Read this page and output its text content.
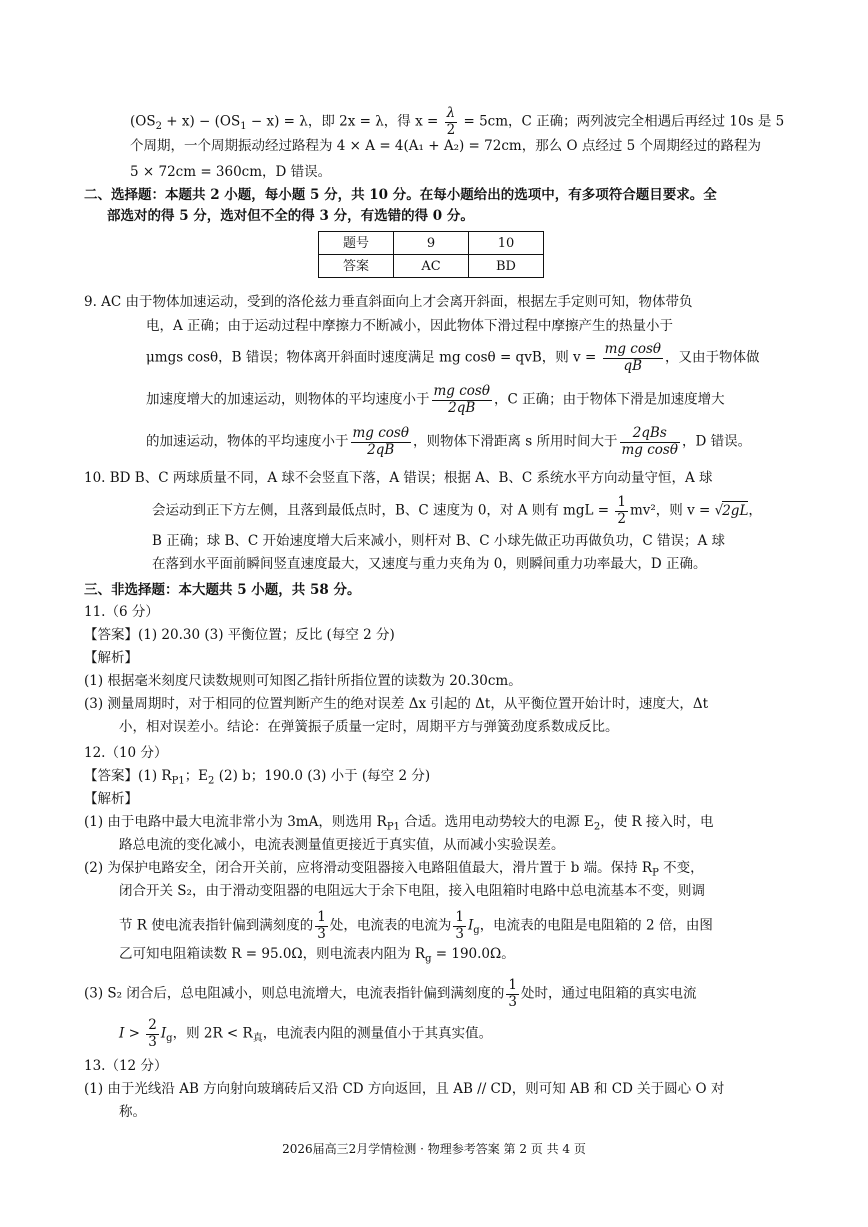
$(OS_2 + x) - (OS_1 - x) = \lambda$，即 2x = λ，得 $x = \frac{\lambda}{2} = 5cm$，C 正确；两列波完全相遇后再经过 10s 是 5
个周期，一个周期振动经过路程为 4 × A = 4(A₁ + A₂) = 72cm，那么 O 点经过 5 个周期经过的路程为
5 × 72cm = 360cm，D 错误。
二、选择题：本题共 2 小题，每小题 5 分，共 10 分。在每小题给出的选项中，有多项符合题目要求。全
部选对的得 5 分，选对但不全的得 3 分，有选错的得 0 分。
题号	9	10
答案	AC	BD
9. AC 由于物体加速运动，受到的洛伦兹力垂直斜面向上才会离开斜面，根据左手定则可知，物体带负
电，A 正确；由于运动过程中摩擦力不断减小，因此物体下滑过程中摩擦产生的热量小于
μmgs cosθ，B 错误；物体离开斜面时速度满足 mg cosθ = qvB，则 $v = \frac{\text{mg cosθ}}{qB}$ ，又由于物体做
加速度增大的加速运动，则物体的平均速度小于 $\frac{\text{mg cosθ}}{2qB}$ ，C 正确；由于物体下滑是加速度增大
的加速运动，物体的平均速度小于 $\frac{\text{mg cosθ}}{2qB}$ ，则物体下滑距离 s 所用时间大于 $\frac{\text{2qBs}}{\text{mg cosθ}}$ ，D 错误。
10. BD B、C 两球质量不同，A 球不会竖直下落，A 错误；根据 A、B、C 系统水平方向动量守恒，A 球
会运动到正下方左侧，且落到最低点时，B、C 速度为 0，对 A 则有 mgL = $\frac{1}{2} mv^2$，则 v = √2gL，
B 正确；球 B、C 开始速度增大后来减小，则杆对 B、C 小球先做正功再做负功，C 错误；A 球
在落到水平面前瞬间竖直速度最大，又速度与重力夹角为 0，则瞬间重力功率最大，D 正确。
三、非选择题：本大题共 5 小题，共 58 分。
11.（6 分）
【答案】(1) 20.30 (3) 平衡位置；反比 (每空 2 分)
【解析】
(1) 根据毫米刻度尺读数规则可知图乙指针所指位置的读数为 20.30cm。
(3) 测量周期时，对于相同的位置判断产生的绝对误差 Δx 引起的 Δt，从平衡位置开始计时，速度大，Δt
小，相对误差小。结论：在弹簧振子质量一定时，周期平方与弹簧劲度系数成反比。
12.（10 分）
【答案】(1) $R_{P1}$；$E_2$ (2) b；190.0 (3) 小于 (每空 2 分)
【解析】
(1) 由于电路中最大电流非常小为 3mA，则选用 $R_{P1}$ 合适。选用电动势较大的电源 $E_2$，使 R 接入时，电
路总电流的变化减小，电流表测量值更接近于真实值，从而减小实验误差。
(2) 为保护电路安全，闭合开关前，应将滑动变阻器接入电路阻值最大，滑片置于 b 端。保持 $R_P$ 不变，
闭合开关 S₂，由于滑动变阻器的电阻远大于余下电阻，接入电阻箱时电路中总电流基本不变，则调
节 R 使电流表指针偏到满刻度的 $\frac{1}{3}$ 处，电流表的电流为 $\frac{1}{3} I_g$，电流表的电阻是电阻箱的 2 倍，由图
乙可知电阻箱读数 R = 95.0Ω，则电流表内阻为 $R_g = 190.0\Omega$。
(3) S₂ 闭合后，总电阻减小，则总电流增大，电流表指针偏到满刻度的 $\frac{1}{3}$ 处时，通过电阻箱的真实电流
$I > \frac{2}{3} I_g$，则 $2R < R_真$，电流表内阻的测量值小于其真实值。
13.（12 分）
(1) 由于光线沿 AB 方向射向玻璃砖后又沿 CD 方向返回，且 AB // CD，则可知 AB 和 CD 关于圆心 O 对
称。
2026届高三2月学情检测 · 物理参考答案 第 2 页 共 4 页
